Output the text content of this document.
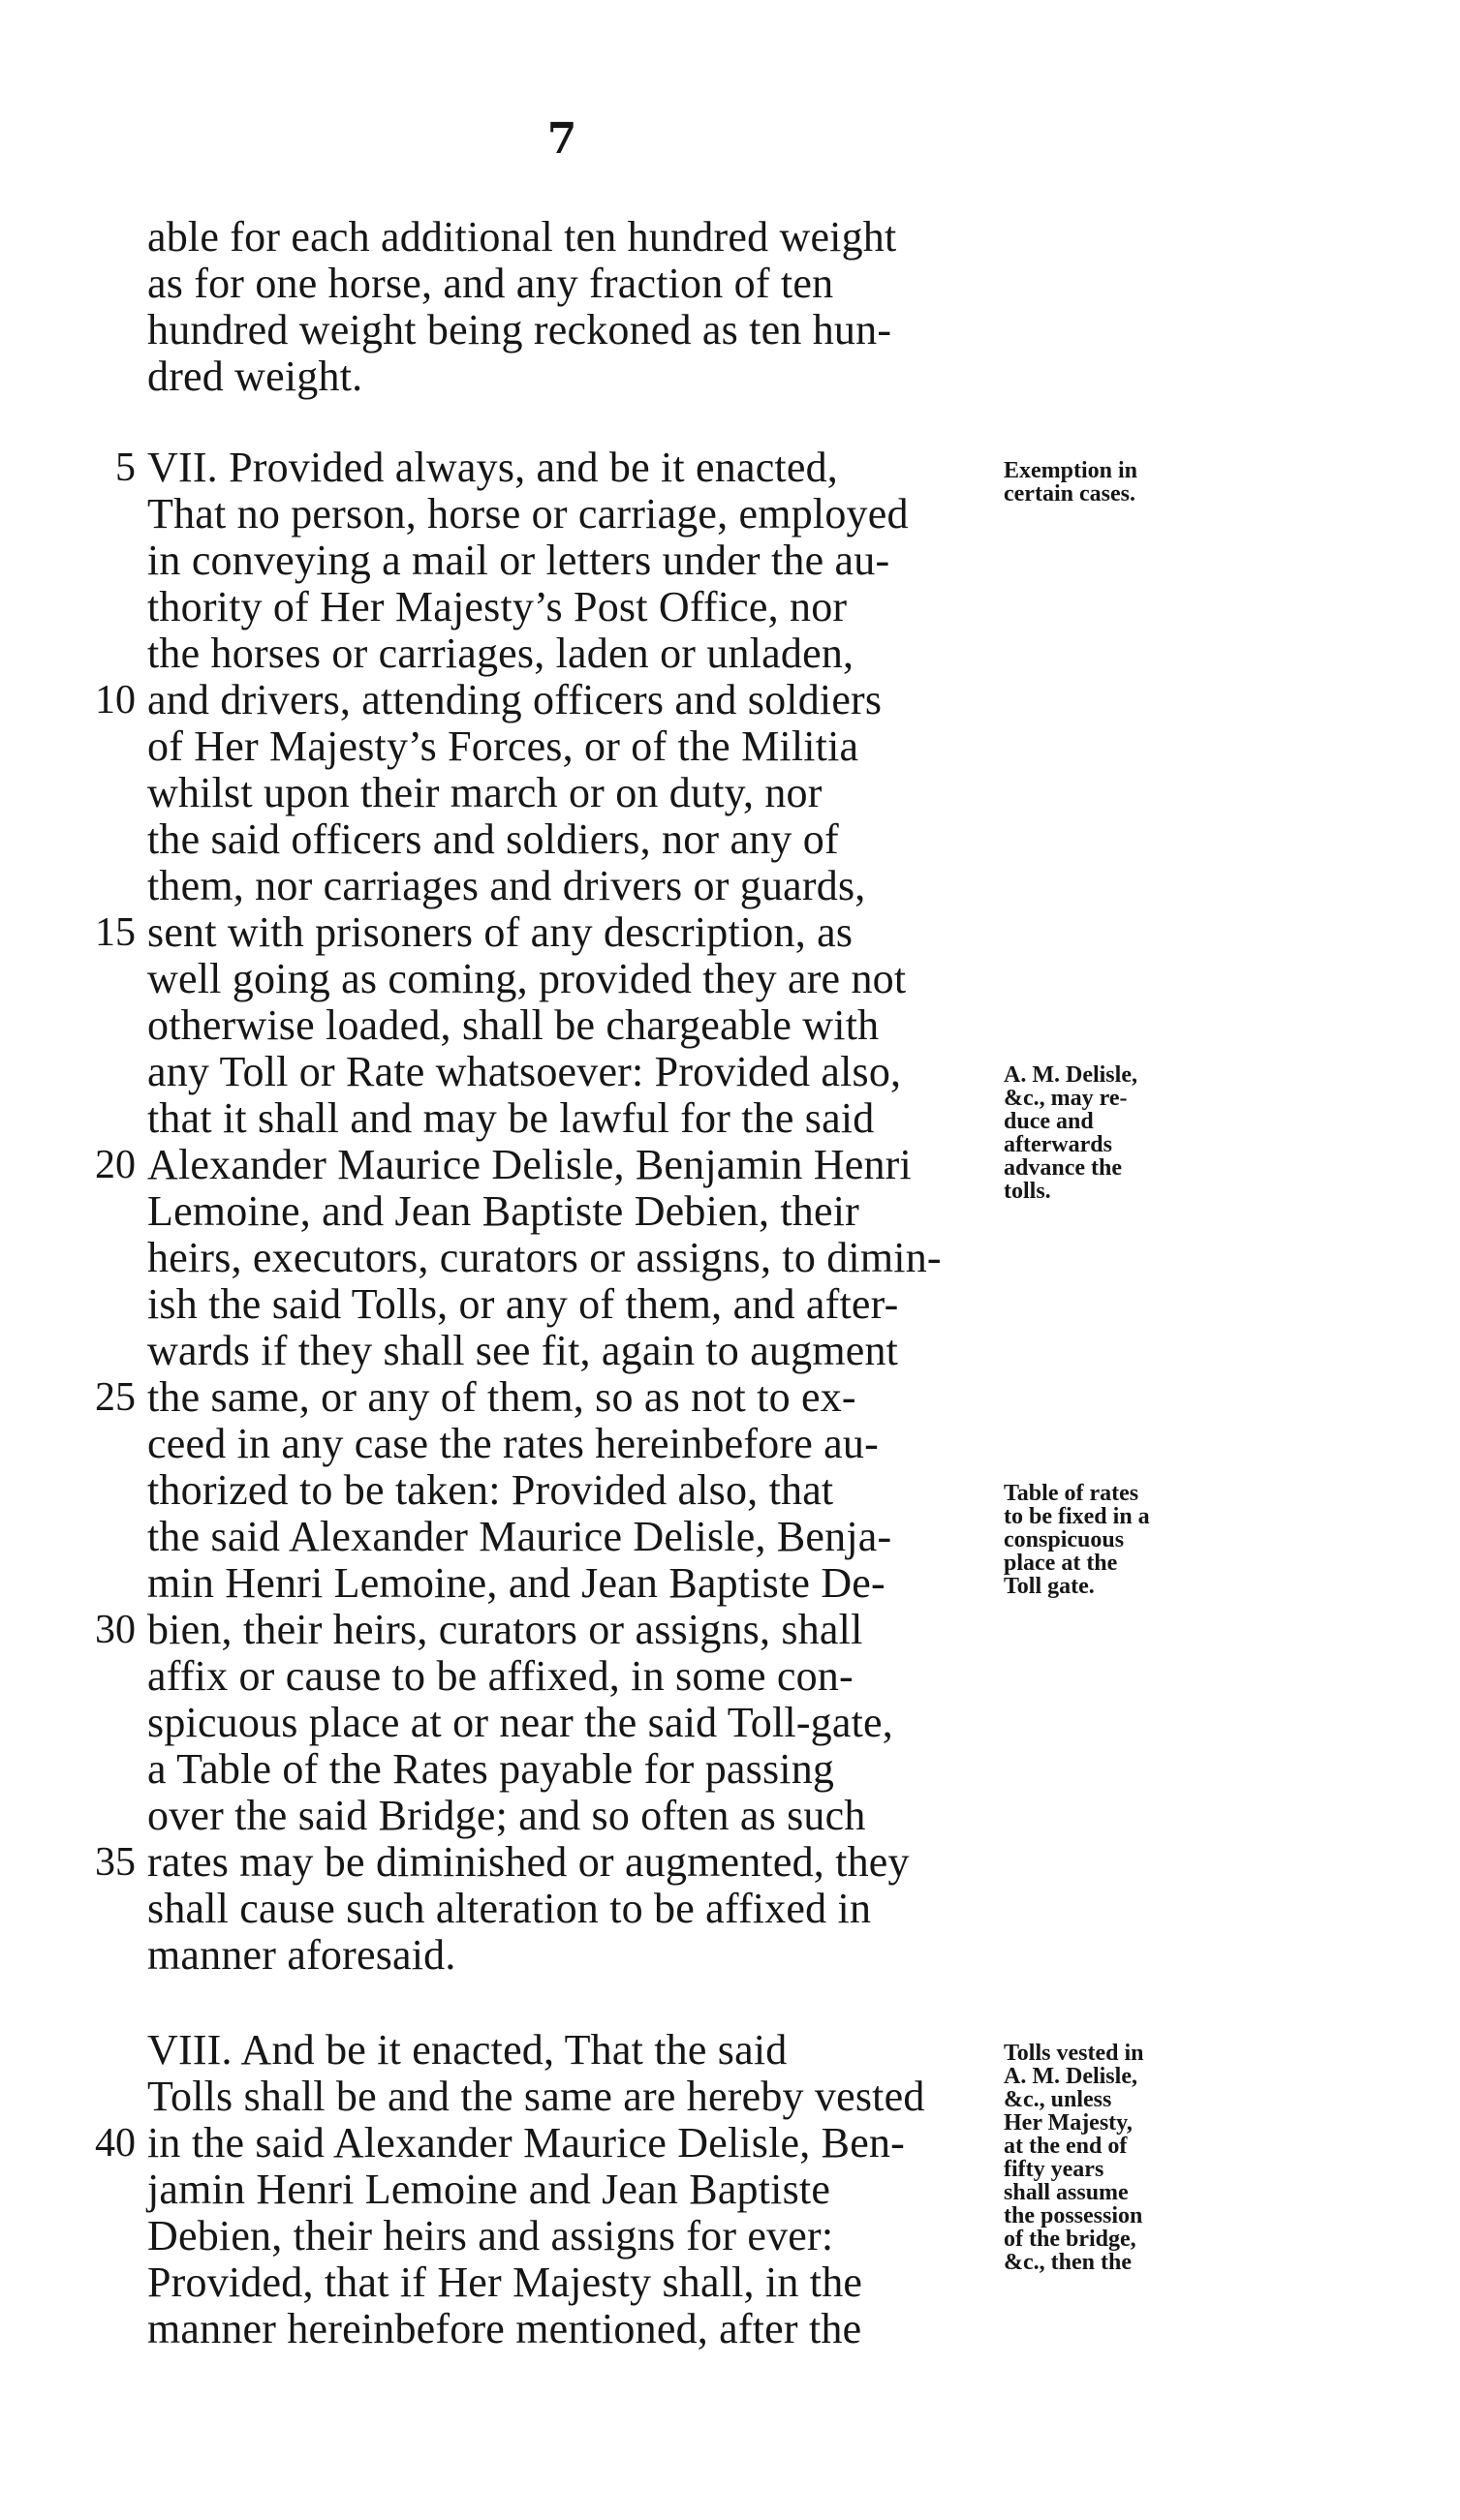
7
able for each additional ten hundred weight
as for one horse, and any fraction of ten
hundred weight being reckoned as ten hun-
dred weight.
VII. Provided always, and be it enacted,
That no person, horse or carriage, employed
in conveying a mail or letters under the au-
thority of Her Majesty’s Post Office, nor
the horses or carriages, laden or unladen,
and drivers, attending officers and soldiers
of Her Majesty’s Forces, or of the Militia
whilst upon their march or on duty, nor
the said officers and soldiers, nor any of
them, nor carriages and drivers or guards,
sent with prisoners of any description, as
well going as coming, provided they are not
otherwise loaded, shall be chargeable with
any Toll or Rate whatsoever: Provided also,
that it shall and may be lawful for the said
Alexander Maurice Delisle, Benjamin Henri
Lemoine, and Jean Baptiste Debien, their
heirs, executors, curators or assigns, to dimin-
ish the said Tolls, or any of them, and after-
wards if they shall see fit, again to augment
the same, or any of them, so as not to ex-
ceed in any case the rates hereinbefore au-
thorized to be taken: Provided also, that
the said Alexander Maurice Delisle, Benja-
min Henri Lemoine, and Jean Baptiste De-
bien, their heirs, curators or assigns, shall
affix or cause to be affixed, in some con-
spicuous place at or near the said Toll-gate,
a Table of the Rates payable for passing
over the said Bridge; and so often as such
rates may be diminished or augmented, they
shall cause such alteration to be affixed in
manner aforesaid.
VIII. And be it enacted, That the said
Tolls shall be and the same are hereby vested
in the said Alexander Maurice Delisle, Ben-
jamin Henri Lemoine and Jean Baptiste
Debien, their heirs and assigns for ever:
Provided, that if Her Majesty shall, in the
manner hereinbefore mentioned, after the
5
10
15
20
25
30
35
40
Exemption in
certain cases.
A. M. Delisle,
&c., may re-
duce and
afterwards
advance the
tolls.
Table of rates
to be fixed in a
conspicuous
place at the
Toll gate.
Tolls vested in
A. M. Delisle,
&c., unless
Her Majesty,
at the end of
fifty years
shall assume
the possession
of the bridge,
&c., then the
